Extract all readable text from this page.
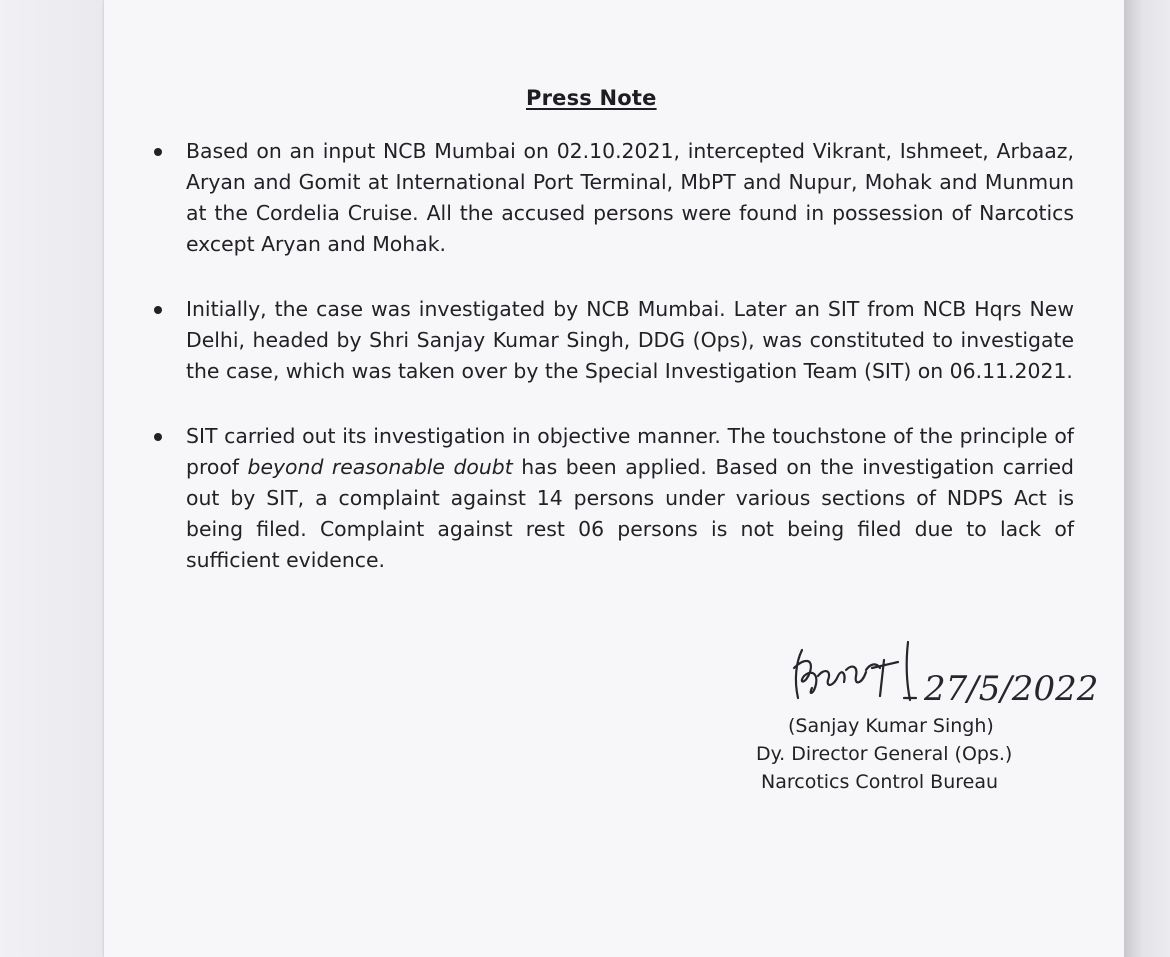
Press Note
Based on an input NCB Mumbai on 02.10.2021, intercepted Vikrant, Ishmeet, Arbaaz, Aryan and Gomit at International Port Terminal, MbPT and Nupur, Mohak and Munmun at the Cordelia Cruise. All the accused persons were found in possession of Narcotics except Aryan and Mohak.
Initially, the case was investigated by NCB Mumbai. Later an SIT from NCB Hqrs New Delhi, headed by Shri Sanjay Kumar Singh, DDG (Ops), was constituted to investigate the case, which was taken over by the Special Investigation Team (SIT) on 06.11.2021.
SIT carried out its investigation in objective manner. The touchstone of the principle of proof beyond reasonable doubt has been applied. Based on the investigation carried out by SIT, a complaint against 14 persons under various sections of NDPS Act is being filed. Complaint against rest 06 persons is not being filed due to lack of sufficient evidence.
27/5/2022
(Sanjay Kumar Singh)
Dy. Director General (Ops.)
Narcotics Control Bureau
